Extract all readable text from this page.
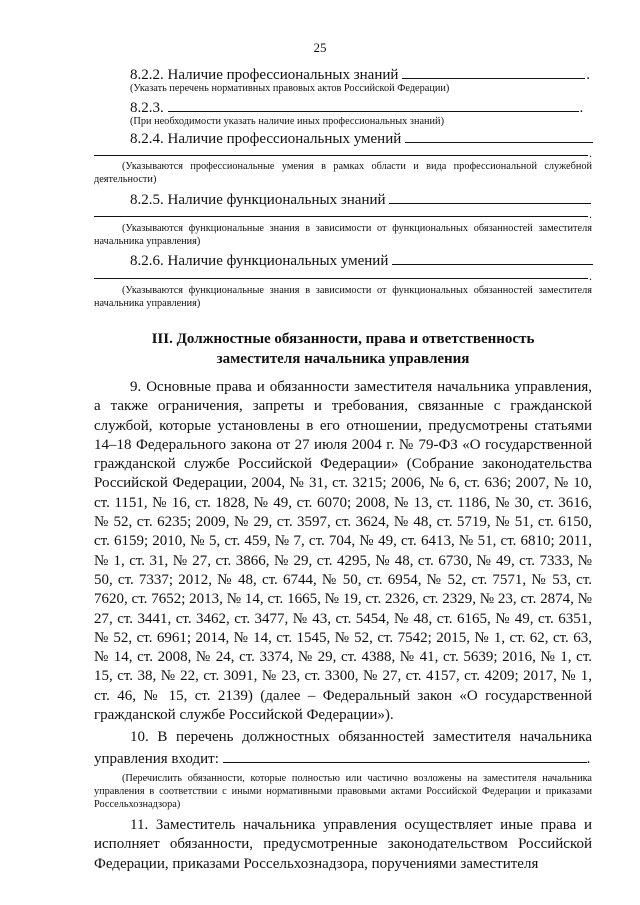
25
8.2.2. Наличие профессиональных знаний	.
(Указать перечень нормативных правовых актов Российской Федерации)
8.2.3.	.
(При необходимости указать наличие иных профессиональных знаний)
8.2.4. Наличие профессиональных умений
.
(Указываются профессиональные умения в рамках области и вида профессиональной служебной деятельности)
8.2.5. Наличие функциональных знаний
.
(Указываются функциональные знания в зависимости от функциональных обязанностей заместителя начальника управления)
8.2.6. Наличие функциональных умений
.
(Указываются функциональные знания в зависимости от функциональных обязанностей заместителя начальника управления)
III. Должностные обязанности, права и ответственность
заместителя начальника управления

9. Основные права и обязанности заместителя начальника управления, а также ограничения, запреты и требования, связанные с гражданской службой, которые установлены в его отношении, предусмотрены статьями 14–18 Федерального закона от 27 июля 2004 г. № 79-ФЗ «О государственной гражданской службе Российской Федерации» (Собрание законодательства Российской Федерации, 2004, № 31, ст. 3215; 2006, № 6, ст. 636; 2007, № 10, ст. 1151, № 16, ст. 1828, № 49, ст. 6070; 2008, № 13, ст. 1186, № 30, ст. 3616, № 52, ст. 6235; 2009, № 29, ст. 3597, ст. 3624, № 48, ст. 5719, № 51, ст. 6150, ст. 6159; 2010, № 5, ст. 459, № 7, ст. 704, № 49, ст. 6413, № 51, ст. 6810; 2011, № 1, ст. 31, № 27, ст. 3866, № 29, ст. 4295, № 48, ст. 6730, № 49, ст. 7333, № 50, ст. 7337; 2012, № 48, ст. 6744, № 50, ст. 6954, № 52, ст. 7571, № 53, ст. 7620, ст. 7652; 2013, № 14, ст. 1665, № 19, ст. 2326, ст. 2329, № 23, ст. 2874, № 27, ст. 3441, ст. 3462, ст. 3477, № 43, ст. 5454, № 48, ст. 6165, № 49, ст. 6351, № 52, ст. 6961; 2014, № 14, ст. 1545, № 52, ст. 7542; 2015, № 1, ст. 62, ст. 63, № 14, ст. 2008, № 24, ст. 3374, № 29, ст. 4388, № 41, ст. 5639; 2016, № 1, ст. 15, ст. 38, № 22, ст. 3091, № 23, ст. 3300, № 27, ст. 4157, ст. 4209; 2017, № 1, ст. 46, № 15, ст. 2139) (далее – Федеральный закон «О государственной гражданской службе Российской Федерации»).

10. В перечень должностных обязанностей заместителя начальника управления входит:	.

(Перечислить обязанности, которые полностью или частично возложены на заместителя начальника управления в соответствии с иными нормативными правовыми актами Российской Федерации и приказами Россельхознадзора)

11. Заместитель начальника управления осуществляет иные права и исполняет обязанности, предусмотренные законодательством Российской Федерации, приказами Россельхознадзора, поручениями заместителя
